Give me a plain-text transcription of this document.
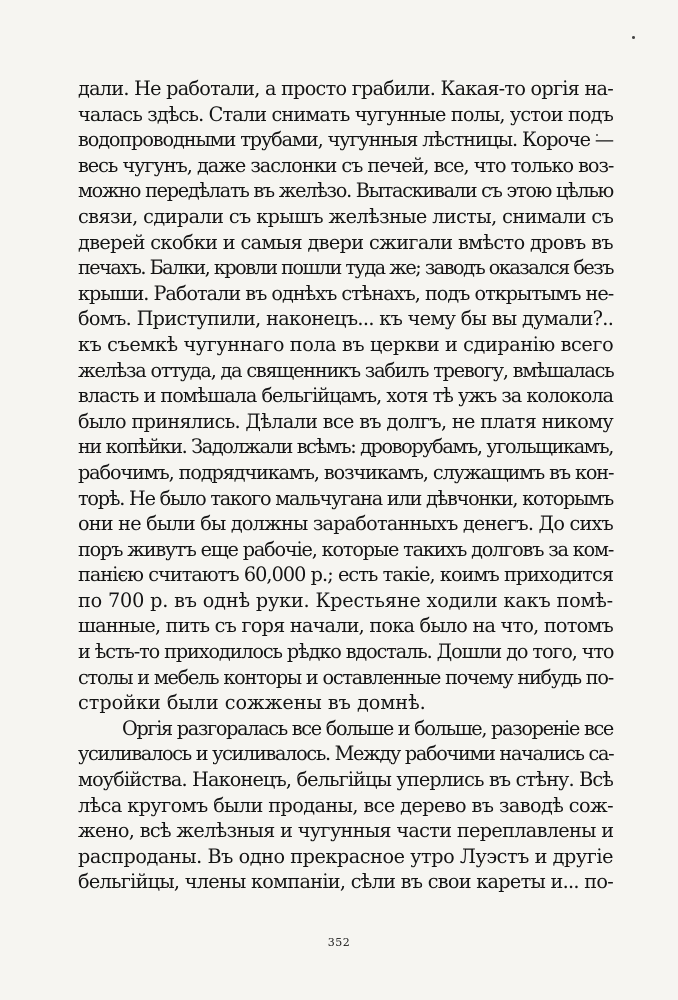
дали. Не работали, а просто грабили. Какая-то оргія на-
чалась здѣсь. Стали снимать чугунные полы, устои подъ
водопроводными трубами, чугунныя лѣстницы. Короче —
весь чугунъ, даже заслонки съ печей, все, что только воз-
можно передѣлать въ желѣзо. Вытаскивали съ этою цѣлью
связи, сдирали съ крышъ желѣзные листы, снимали съ
дверей скобки и самыя двери сжигали вмѣсто дровъ въ
печахъ. Балки, кровли пошли туда же; заводъ оказался безъ
крыши. Работали въ однѣхъ стѣнахъ, подъ открытымъ не-
бомъ. Приступили, наконецъ... къ чему бы вы думали?..
къ съемкѣ чугуннаго пола въ церкви и сдиранію всего
желѣза оттуда, да священникъ забилъ тревогу, вмѣшалась
власть и помѣшала бельгійцамъ, хотя тѣ ужъ за колокола
было принялись. Дѣлали все въ долгъ, не платя никому
ни копѣйки. Задолжали всѣмъ: дроворубамъ, угольщикамъ,
рабочимъ, подрядчикамъ, возчикамъ, служащимъ въ кон-
торѣ. Не было такого мальчугана или дѣвчонки, которымъ
они не были бы должны заработанныхъ денегъ. До сихъ
поръ живутъ еще рабочіе, которые такихъ долговъ за ком-
панією считаютъ 60,000 р.; есть такіе, коимъ приходится
по 700 р. въ однѣ руки. Крестьяне ходили какъ помѣ-
шанные, пить съ горя начали, пока было на что, потомъ
и ѣсть-то приходилось рѣдко вдосталь. Дошли до того, что
столы и мебель конторы и оставленные почему нибудь по-
стройки были сожжены въ домнѣ.
Оргія разгоралась все больше и больше, разореніе все
усиливалось и усиливалось. Между рабочими начались са-
моубійства. Наконецъ, бельгійцы уперлись въ стѣну. Всѣ
лѣса кругомъ были проданы, все дерево въ заводѣ сож-
жено, всѣ желѣзныя и чугунныя части переплавлены и
распроданы. Въ одно прекрасное утро Луэстъ и другіе
бельгійцы, члены компаніи, сѣли въ свои кареты и... по-
352
